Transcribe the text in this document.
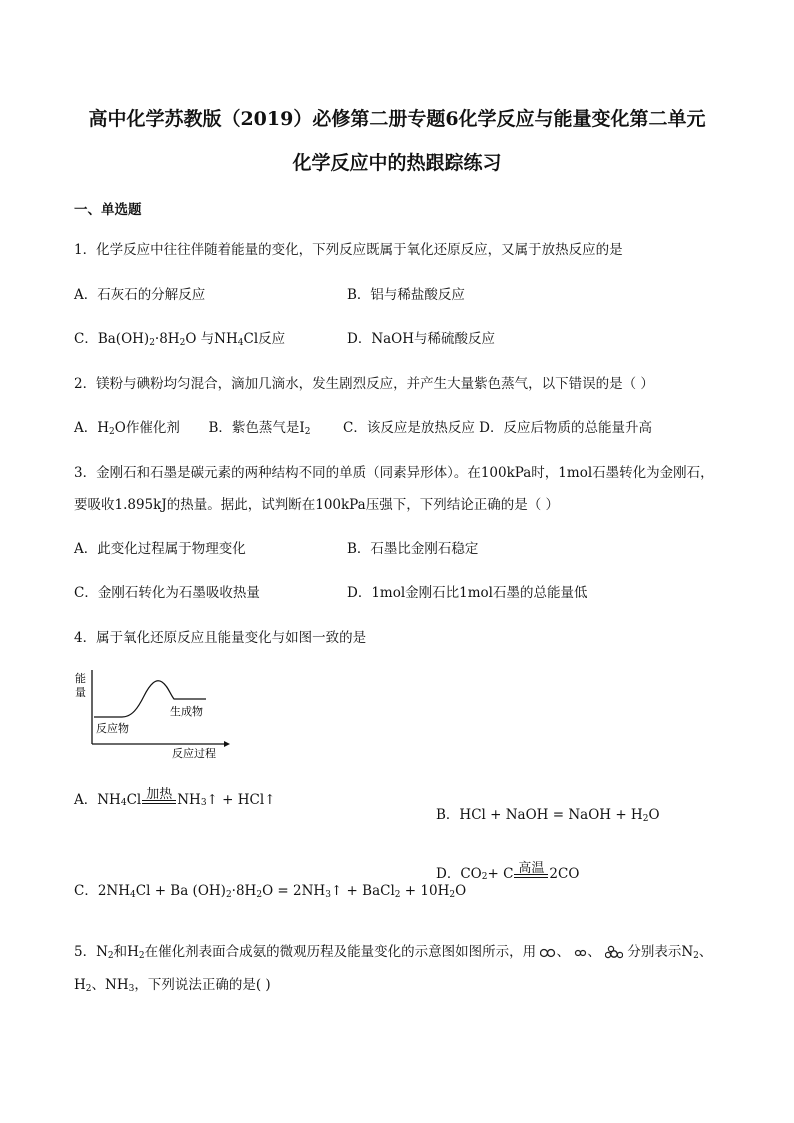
高中化学苏教版（2019）必修第二册专题6化学反应与能量变化第二单元
化学反应中的热跟踪练习
一、单选题
1．化学反应中往往伴随着能量的变化，下列反应既属于氧化还原反应，又属于放热反应的是
A．石灰石的分解反应	B．铝与稀盐酸反应
C．$Ba(OH)_2\cdot 8H_2O$ 与$NH_4Cl$反应	D．NaOH与稀硫酸反应
2．镁粉与碘粉均匀混合，滴加几滴水，发生剧烈反应，并产生大量紫色蒸气，以下错误的是（ ）
A．$H_2O$作催化剂 B．紫色蒸气是$I_2$ C．该反应是放热反应 D．反应后物质的总能量升高
3．金刚石和石墨是碳元素的两种结构不同的单质（同素异形体）。在100kPa时，1mol石墨转化为金刚石，
要吸收1.895kJ的热量。据此，试判断在100kPa压强下，下列结论正确的是（ ）
A．此变化过程属于物理变化	B．石墨比金刚石稳定
C．金刚石转化为石墨吸收热量	D．1mol金刚石比1mol石墨的总能量低
4．属于氧化还原反应且能量变化与如图一致的是
能
量
生成物
反应物
反应过程
A．$NH_4$ Cl 加热 $NH_3$ ↑ + HCl↑
B．HCl + NaOH = NaOH + $H_2O$
C．$2NH_4Cl + Ba$ $(OH)_2\cdot 8H_2O$ = $2NH_3↑$ + BaCl$_2$ + $10H_2O$
D．$CO_2 + C$ 高温 2CO
5．$N_2$和$H_2$在催化剂表面合成氨的微观历程及能量变化的示意图如图所示，用 、 、 分别表示$N_2$、
$H_2$、$NH_3$，下列说法正确的是( )
